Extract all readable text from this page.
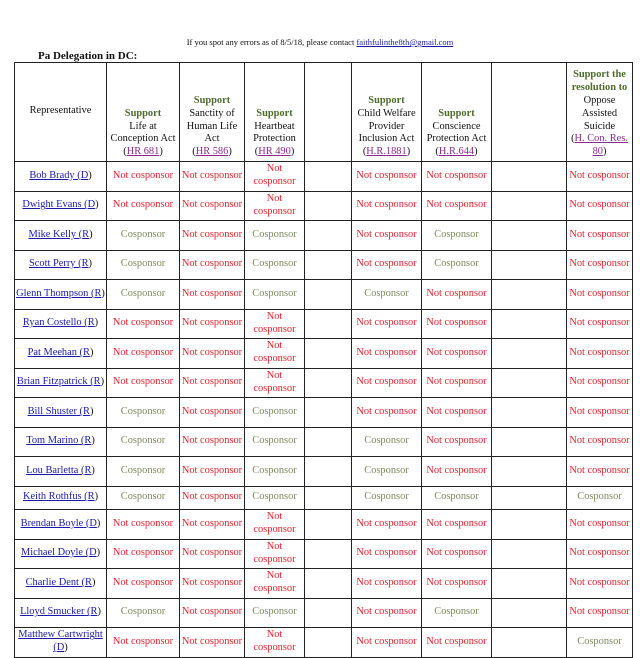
If you spot any errors as of 8/5/18, please contact faithfulinthe8th@gmail.com
Pa Delegation in DC:
Representative	Support
Life at Conception Act
(HR 681)	Support
Sanctity of Human Life Act
(HR 586)	Support
Heartbeat Protection
(HR 490)		Support
Child Welfare Provider Inclusion Act
(H.R.1881)	Support
Conscience Protection Act
(H.R.644)		Support the resolution to
Oppose Assisted Suicide
(H. Con. Res. 80)
Bob Brady (D)	Not cosponsor	Not cosponsor	Not cosponsor		Not cosponsor	Not cosponsor		Not cosponsor
Dwight Evans (D)	Not cosponsor	Not cosponsor	Not cosponsor		Not cosponsor	Not cosponsor		Not cosponsor
Mike Kelly (R)	Cosponsor	Not cosponsor	Cosponsor		Not cosponsor	Cosponsor		Not cosponsor
Scott Perry (R)	Cosponsor	Not cosponsor	Cosponsor		Not cosponsor	Cosponsor		Not cosponsor
Glenn Thompson (R)	Cosponsor	Not cosponsor	Cosponsor		Cosponsor	Not cosponsor		Not cosponsor
Ryan Costello (R)	Not cosponsor	Not cosponsor	Not cosponsor		Not cosponsor	Not cosponsor		Not cosponsor
Pat Meehan (R)	Not cosponsor	Not cosponsor	Not cosponsor		Not cosponsor	Not cosponsor		Not cosponsor
Brian Fitzpatrick (R)	Not cosponsor	Not cosponsor	Not cosponsor		Not cosponsor	Not cosponsor		Not cosponsor
Bill Shuster (R)	Cosponsor	Not cosponsor	Cosponsor		Not cosponsor	Not cosponsor		Not cosponsor
Tom Marino (R)	Cosponsor	Not cosponsor	Cosponsor		Cosponsor	Not cosponsor		Not cosponsor
Lou Barletta (R)	Cosponsor	Not cosponsor	Cosponsor		Cosponsor	Not cosponsor		Not cosponsor
Keith Rothfus (R)	Cosponsor	Not cosponsor	Cosponsor		Cosponsor	Cosponsor		Cosponsor
Brendan Boyle (D)	Not cosponsor	Not cosponsor	Not cosponsor		Not cosponsor	Not cosponsor		Not cosponsor
Michael Doyle (D)	Not cosponsor	Not cosponsor	Not cosponsor		Not cosponsor	Not cosponsor		Not cosponsor
Charlie Dent (R)	Not cosponsor	Not cosponsor	Not cosponsor		Not cosponsor	Not cosponsor		Not cosponsor
Lloyd Smucker (R)	Cosponsor	Not cosponsor	Cosponsor		Not cosponsor	Cosponsor		Not cosponsor
Matthew Cartwright (D)	Not cosponsor	Not cosponsor	Not cosponsor		Not cosponsor	Not cosponsor		Cosponsor
